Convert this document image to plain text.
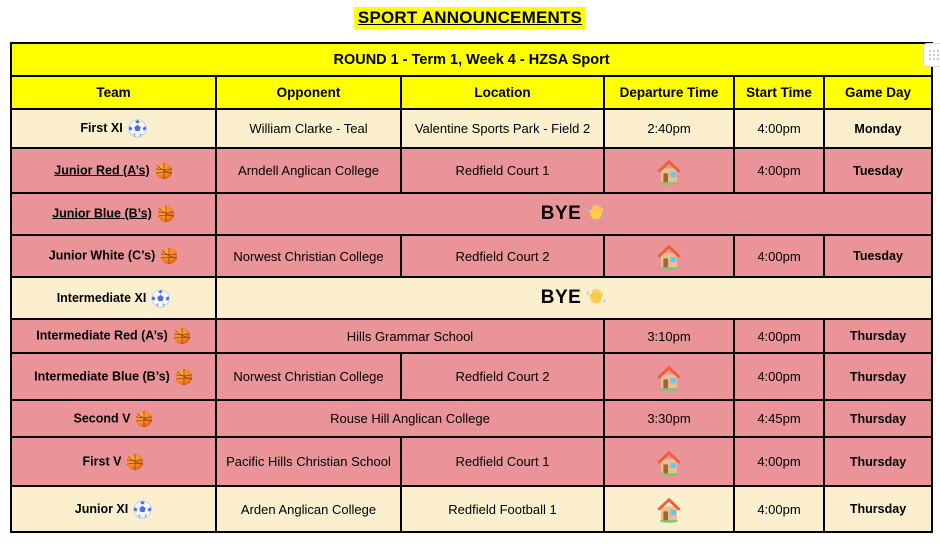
SPORT ANNOUNCEMENTS
ROUND 1 - Term 1, Week 4 - HZSA Sport					
Team	Opponent	Location	Departure Time	Start Time	Game Day
First XI	William Clarke - Teal	Valentine Sports Park - Field 2	2:40pm	4:00pm	Monday
Junior Red (A’s)	Arndell Anglican College	Redfield Court 1		4:00pm	Tuesday
Junior Blue (B’s)	BYE				
Junior White (C’s)	Norwest Christian College	Redfield Court 2		4:00pm	Tuesday
Intermediate XI	BYE				
Intermediate Red (A’s)	Hills Grammar School		3:10pm	4:00pm	Thursday
Intermediate Blue (B’s)	Norwest Christian College	Redfield Court 2		4:00pm	Thursday
Second V	Rouse Hill Anglican College		3:30pm	4:45pm	Thursday
First V	Pacific Hills Christian School	Redfield Court 1		4:00pm	Thursday
Junior XI	Arden Anglican College	Redfield Football 1		4:00pm	Thursday
